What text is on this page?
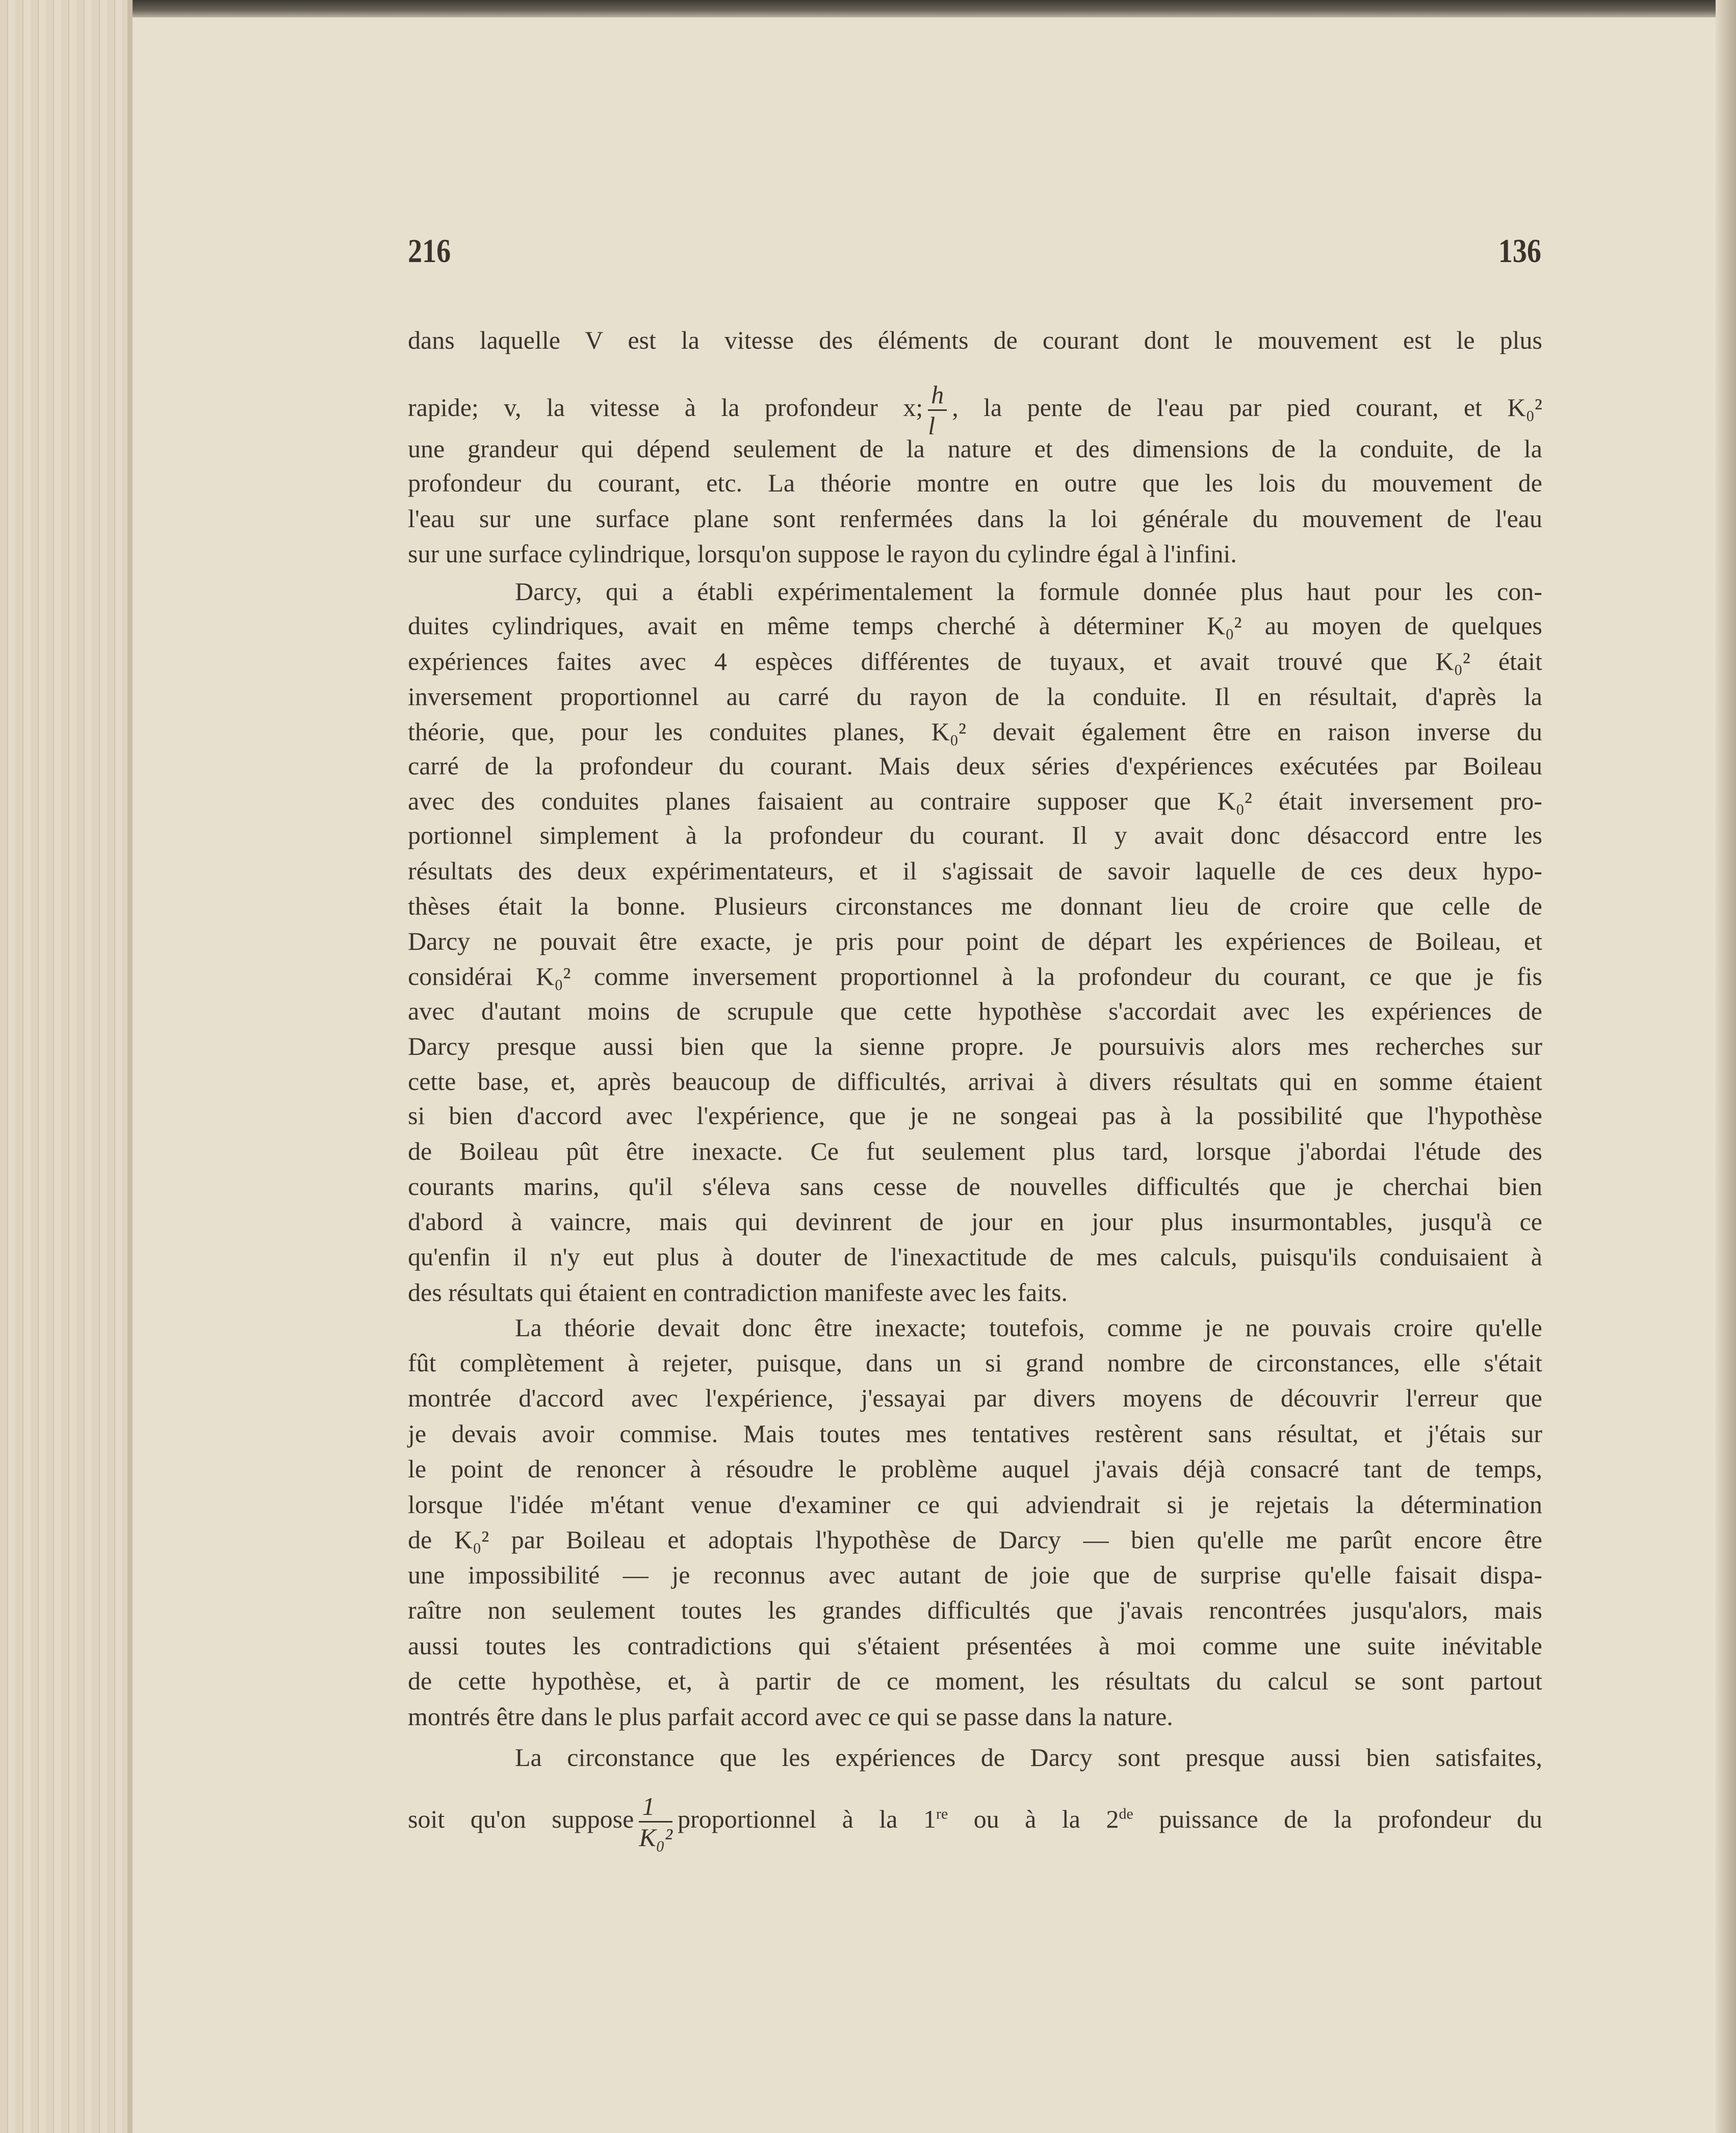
216	136
dans laquelle V est la vitesse des éléments de courant dont le mouvement est le plus
rapide; v, la vitesse à la profondeur x; $\frac{h}{l}$ , la pente de l'eau par pied courant, et K₀²
une grandeur qui dépend seulement de la nature et des dimensions de la conduite, de la
profondeur du courant, etc. La théorie montre en outre que les lois du mouvement de
l'eau sur une surface plane sont renfermées dans la loi générale du mouvement de l'eau
sur une surface cylindrique, lorsqu'on suppose le rayon du cylindre égal à l'infini.
Darcy, qui a établi expérimentalement la formule donnée plus haut pour les con-
duites cylindriques, avait en même temps cherché à déterminer K₀² au moyen de quelques
expériences faites avec 4 espèces différentes de tuyaux, et avait trouvé que K₀² était
inversement proportionnel au carré du rayon de la conduite. Il en résultait, d'après la
théorie, que, pour les conduites planes, K₀² devait également être en raison inverse du
carré de la profondeur du courant. Mais deux séries d'expériences exécutées par Boileau
avec des conduites planes faisaient au contraire supposer que K₀² était inversement pro-
portionnel simplement à la profondeur du courant. Il y avait donc désaccord entre les
résultats des deux expérimentateurs, et il s'agissait de savoir laquelle de ces deux hypo-
thèses était la bonne. Plusieurs circonstances me donnant lieu de croire que celle de
Darcy ne pouvait être exacte, je pris pour point de départ les expériences de Boileau, et
considérai K₀² comme inversement proportionnel à la profondeur du courant, ce que je fis
avec d'autant moins de scrupule que cette hypothèse s'accordait avec les expériences de
Darcy presque aussi bien que la sienne propre. Je poursuivis alors mes recherches sur
cette base, et, après beaucoup de difficultés, arrivai à divers résultats qui en somme étaient
si bien d'accord avec l'expérience, que je ne songeai pas à la possibilité que l'hypothèse
de Boileau pût être inexacte. Ce fut seulement plus tard, lorsque j'abordai l'étude des
courants marins, qu'il s'éleva sans cesse de nouvelles difficultés que je cherchai bien
d'abord à vaincre, mais qui devinrent de jour en jour plus insurmontables, jusqu'à ce
qu'enfin il n'y eut plus à douter de l'inexactitude de mes calculs, puisqu'ils conduisaient à
des résultats qui étaient en contradiction manifeste avec les faits.
La théorie devait donc être inexacte; toutefois, comme je ne pouvais croire qu'elle
fût complètement à rejeter, puisque, dans un si grand nombre de circonstances, elle s'était
montrée d'accord avec l'expérience, j'essayai par divers moyens de découvrir l'erreur que
je devais avoir commise. Mais toutes mes tentatives restèrent sans résultat, et j'étais sur
le point de renoncer à résoudre le problème auquel j'avais déjà consacré tant de temps,
lorsque l'idée m'étant venue d'examiner ce qui adviendrait si je rejetais la détermination
de K₀² par Boileau et adoptais l'hypothèse de Darcy — bien qu'elle me parût encore être
une impossibilité — je reconnus avec autant de joie que de surprise qu'elle faisait dispa-
raître non seulement toutes les grandes difficultés que j'avais rencontrées jusqu'alors, mais
aussi toutes les contradictions qui s'étaient présentées à moi comme une suite inévitable
de cette hypothèse, et, à partir de ce moment, les résultats du calcul se sont partout
montrés être dans le plus parfait accord avec ce qui se passe dans la nature.
La circonstance que les expériences de Darcy sont presque aussi bien satisfaites,
soit qu'on suppose $\frac{1}{\text{K₀²}}$ proportionnel à la 1re ou à la 2de puissance de la profondeur du
